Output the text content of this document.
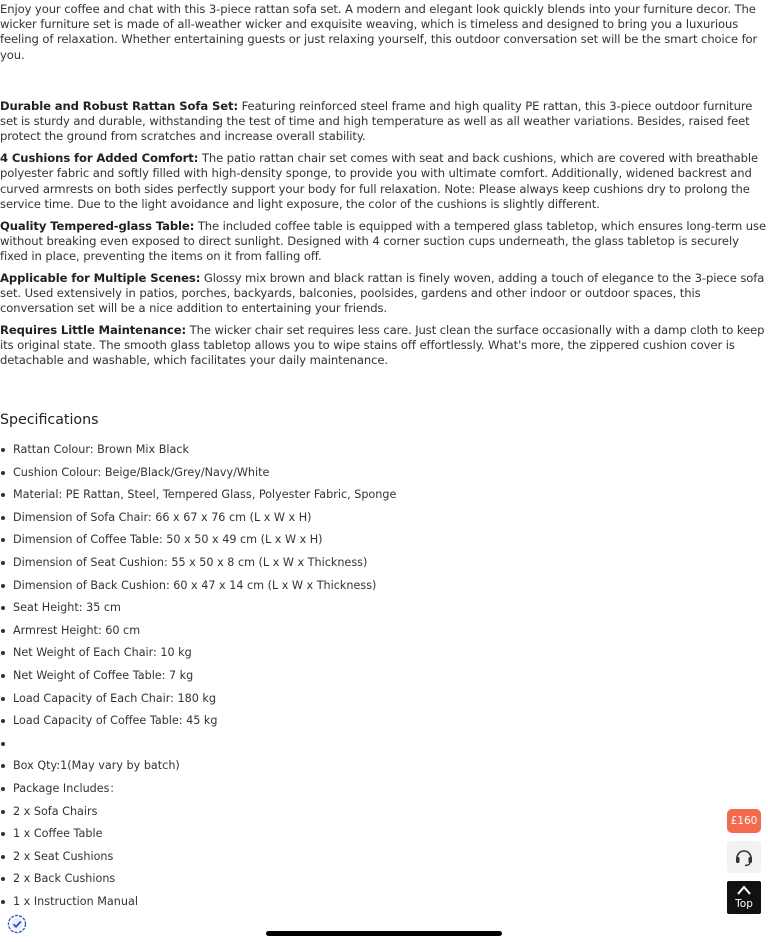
Enjoy your coffee and chat with this 3-piece rattan sofa set. A modern and elegant look quickly blends into your furniture decor. The wicker furniture set is made of all-weather wicker and exquisite weaving, which is timeless and designed to bring you a luxurious feeling of relaxation. Whether entertaining guests or just relaxing yourself, this outdoor conversation set will be the smart choice for you.

Durable and Robust Rattan Sofa Set: Featuring reinforced steel frame and high quality PE rattan, this 3-piece outdoor furniture set is sturdy and durable, withstanding the test of time and high temperature as well as all weather variations. Besides, raised feet protect the ground from scratches and increase overall stability.

4 Cushions for Added Comfort: The patio rattan chair set comes with seat and back cushions, which are covered with breathable polyester fabric and softly filled with high-density sponge, to provide you with ultimate comfort. Additionally, widened backrest and curved armrests on both sides perfectly support your body for full relaxation. Note: Please always keep cushions dry to prolong the service time. Due to the light avoidance and light exposure, the color of the cushions is slightly different.

Quality Tempered-glass Table: The included coffee table is equipped with a tempered glass tabletop, which ensures long-term use without breaking even exposed to direct sunlight. Designed with 4 corner suction cups underneath, the glass tabletop is securely fixed in place, preventing the items on it from falling off.

Applicable for Multiple Scenes: Glossy mix brown and black rattan is finely woven, adding a touch of elegance to the 3-piece sofa set. Used extensively in patios, porches, backyards, balconies, poolsides, gardens and other indoor or outdoor spaces, this conversation set will be a nice addition to entertaining your friends.

Requires Little Maintenance: The wicker chair set requires less care. Just clean the surface occasionally with a damp cloth to keep its original state. The smooth glass tabletop allows you to wipe stains off effortlessly. What's more, the zippered cushion cover is detachable and washable, which facilitates your daily maintenance.

Specifications
Rattan Colour: Brown Mix Black
Cushion Colour: Beige/Black/Grey/Navy/White
Material: PE Rattan, Steel, Tempered Glass, Polyester Fabric, Sponge
Dimension of Sofa Chair: 66 x 67 x 76 cm (L x W x H)
Dimension of Coffee Table: 50 x 50 x 49 cm (L x W x H)
Dimension of Seat Cushion: 55 x 50 x 8 cm (L x W x Thickness)
Dimension of Back Cushion: 60 x 47 x 14 cm (L x W x Thickness)
Seat Height: 35 cm
Armrest Height: 60 cm
Net Weight of Each Chair: 10 kg
Net Weight of Coffee Table: 7 kg
Load Capacity of Each Chair: 180 kg
Load Capacity of Coffee Table: 45 kg
Box Qty:1(May vary by batch)
Package Includes：
2 x Sofa Chairs
1 x Coffee Table
2 x Seat Cushions
2 x Back Cushions
1 x Instruction Manual
£160
Top
